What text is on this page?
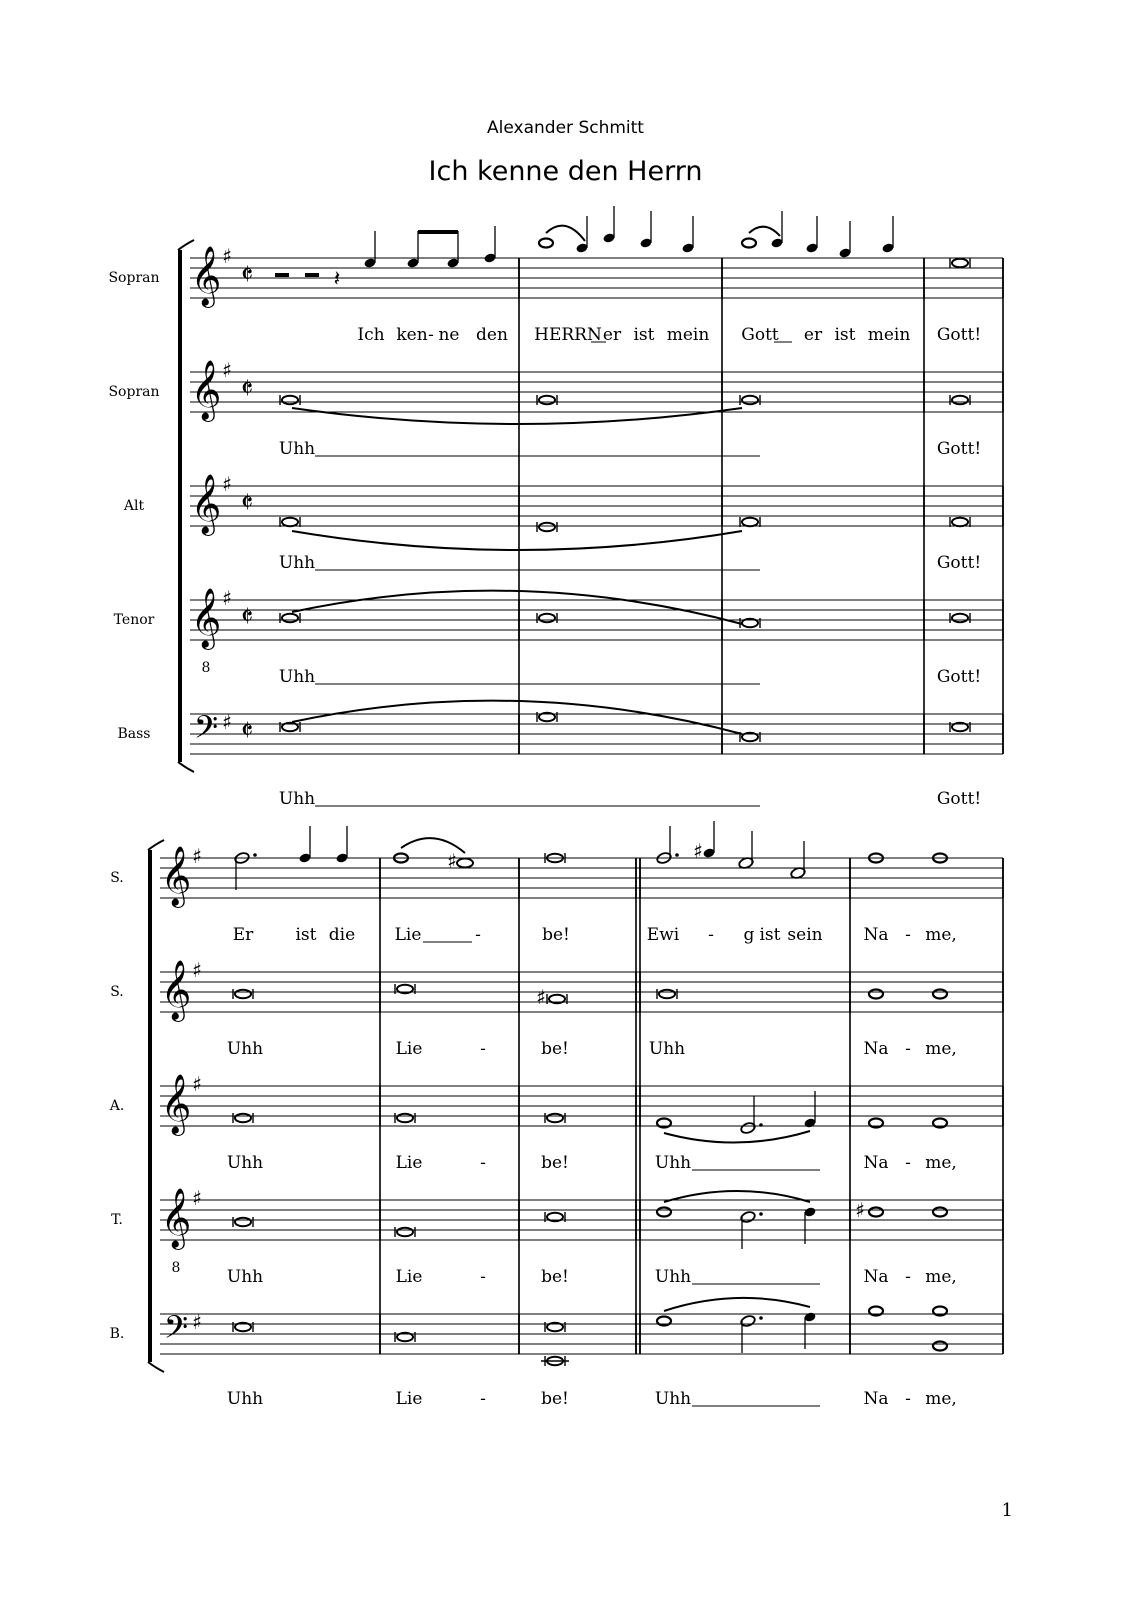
Alexander Schmitt
Ich kenne den Herrn
1
Sopran 𝄞 ♯
𝄵
Ich ken - ne den HERRN er ist mein Gott er ist mein Gott!
Sopran 𝄞 ♯
𝄵
Uhh	Gott!
Alt 𝄞 ♯
𝄵
Uhh	Gott!
Tenor 𝄞
8
♯
𝄵
Uhh	Gott!
Bass 𝄢 ♯ 𝄵
Uhh	Gott!
𝄽
S. 𝄞 ♯
Er ist die Lie	-	be!	Ewi - g ist sein Na - me,
S. 𝄞 ♯
Uhh	Lie	-	be!	Uhh	Na - me,
A. 𝄞 ♯
Uhh	Lie	-	be!	Uhh	Na - me,
T. 𝄞
8
♯
Uhh	Lie	-	be!	Uhh	Na - me,
B. 𝄢 ♯
Uhh	Lie	-	be!	Uhh	Na - me,
♯	♯
♯
♯
